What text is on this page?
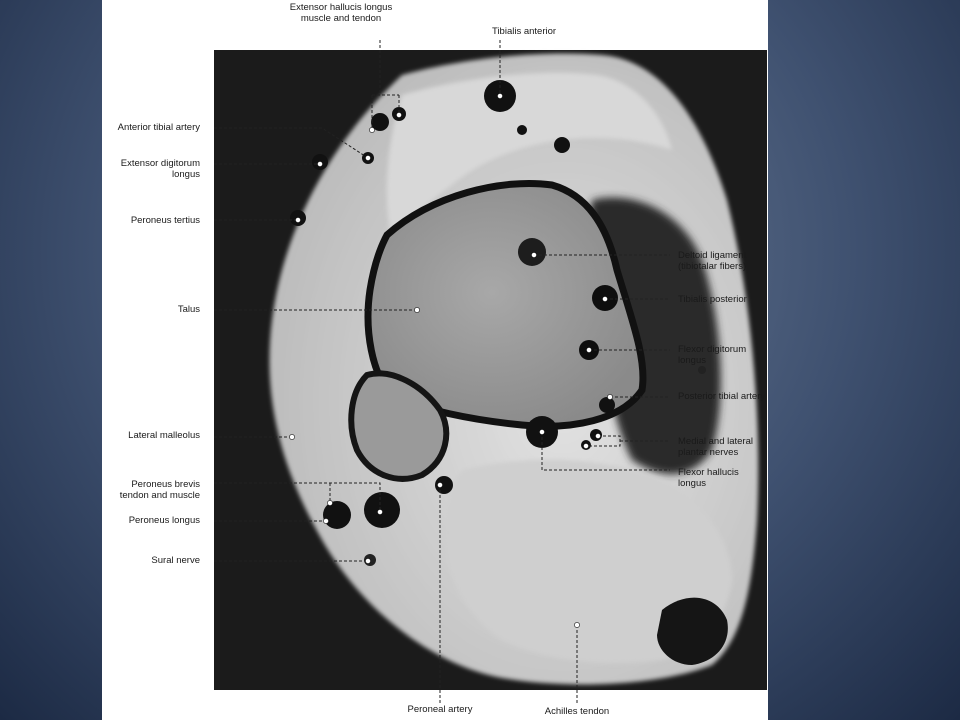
Extensor hallucis longus muscle and tendon

Tibialis anterior

Anterior tibial artery

Extensor digitorum longus

Peroneus tertius

Talus

Lateral malleolus

Peroneus brevis tendon and muscle

Peroneus longus

Sural nerve

Deltoid ligament (tibiotalar fibers)

Tibialis posterior

Flexor digitorum longus

Posterior tibial artery

Medial and lateral plantar nerves

Flexor hallucis longus

Peroneal artery	Achilles tendon
